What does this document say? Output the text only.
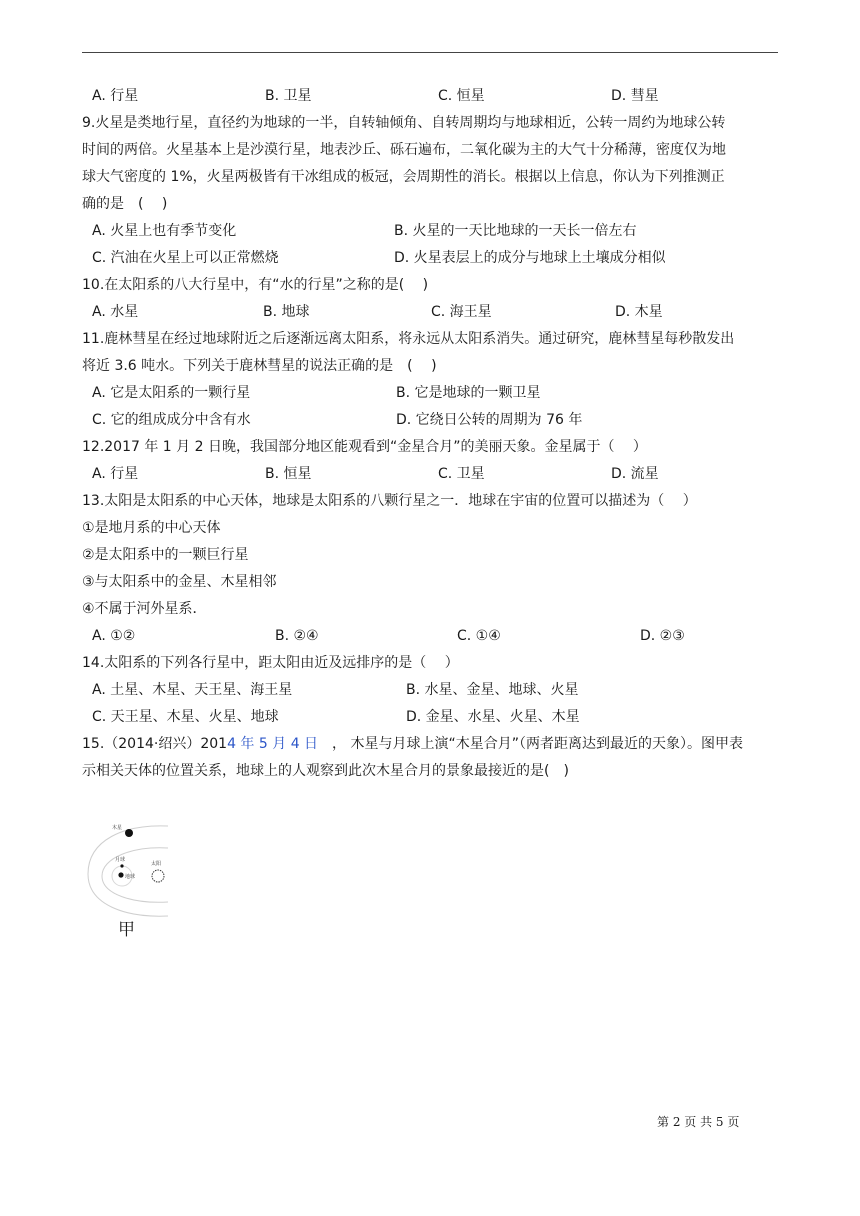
A. 行星	B. 卫星	C. 恒星	D. 彗星
9.火星是类地行星，直径约为地球的一半，自转轴倾角、自转周期均与地球相近，公转一周约为地球公转
时间的两倍。火星基本上是沙漠行星，地表沙丘、砾石遍布，二氧化碳为主的大气十分稀薄，密度仅为地
球大气密度的 1%，火星两极皆有干冰组成的板冠，会周期性的消长。根据以上信息，你认为下列推测正
确的是　(　 )
A. 火星上也有季节变化	B. 火星的一天比地球的一天长一倍左右
C. 汽油在火星上可以正常燃烧	D. 火星表层上的成分与地球上土壤成分相似
10.在太阳系的八大行星中，有“水的行星”之称的是(　 )
A. 水星	B. 地球	C. 海王星	D. 木星
11.鹿林彗星在经过地球附近之后逐渐远离太阳系，将永远从太阳系消失。通过研究，鹿林彗星每秒散发出
将近 3.6 吨水。下列关于鹿林彗星的说法正确的是　(　 )
A. 它是太阳系的一颗行星	B. 它是地球的一颗卫星
C. 它的组成成分中含有水	D. 它绕日公转的周期为 76 年
12.2017 年 1 月 2 日晚，我国部分地区能观看到“金星合月”的美丽天象。金星属于（　 ）
A. 行星	B. 恒星	C. 卫星	D. 流星
13.太阳是太阳系的中心天体，地球是太阳系的八颗行星之一．地球在宇宙的位置可以描述为（　 ）
①是地月系的中心天体
②是太阳系中的一颗巨行星
③与太阳系中的金星、木星相邻
④不属于河外星系．
A. ①②	B. ②④	C. ①④	D. ②③
14.太阳系的下列各行星中，距太阳由近及远排序的是（　 ）
A. 土星、木星、天王星、海王星	B. 水星、金星、地球、火星
C. 天王星、木星、火星、地球	D. 金星、水星、火星、木星
15.（2014·绍兴）2014 年 5 月 4 日　， 木星与月球上演“木星合月”（两者距离达到最近的天象）。图甲表
示相关天体的位置关系，地球上的人观察到此次木星合月的景象最接近的是(　)
木星
月球
地球
太阳
甲
第 2 页 共 5 页
